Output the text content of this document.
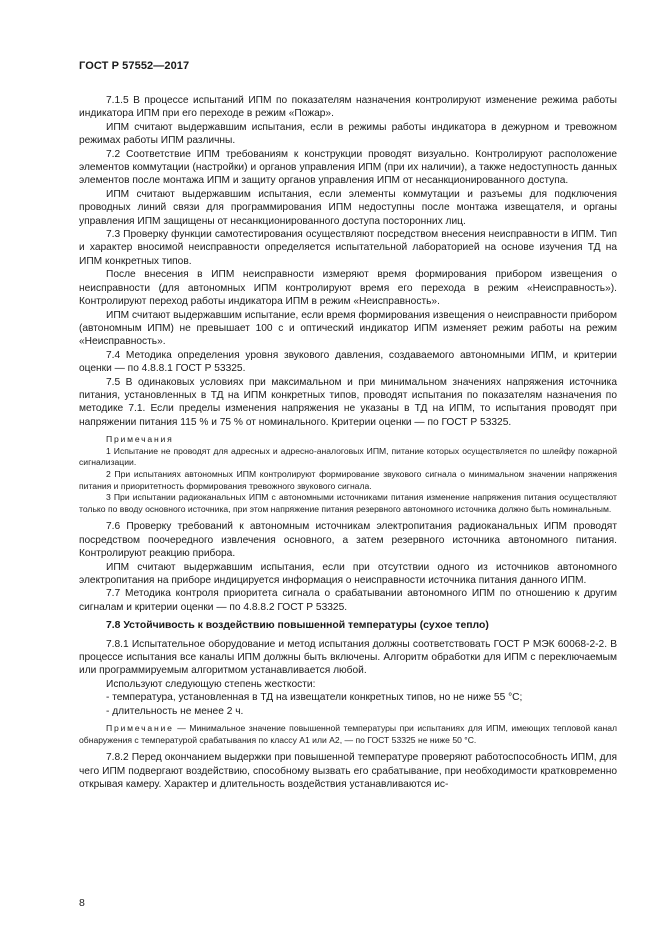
ГОСТ Р 57552—2017

7.1.5 В процессе испытаний ИПМ по показателям назначения контролируют изменение режима работы индикатора ИПМ при его переходе в режим «Пожар».

ИПМ считают выдержавшим испытания, если в режимы работы индикатора в дежурном и тревожном режимах работы ИПМ различны.

7.2 Соответствие ИПМ требованиям к конструкции проводят визуально. Контролируют расположение элементов коммутации (настройки) и органов управления ИПМ (при их наличии), а также недоступность данных элементов после монтажа ИПМ и защиту органов управления ИПМ от несанкционированного доступа.

ИПМ считают выдержавшим испытания, если элементы коммутации и разъемы для подключения проводных линий связи для программирования ИПМ недоступны после монтажа извещателя, и органы управления ИПМ защищены от несанкционированного доступа посторонних лиц.

7.3 Проверку функции самотестирования осуществляют посредством внесения неисправности в ИПМ. Тип и характер вносимой неисправности определяется испытательной лабораторией на основе изучения ТД на ИПМ конкретных типов.

После внесения в ИПМ неисправности измеряют время формирования прибором извещения о неисправности (для автономных ИПМ контролируют время его перехода в режим «Неисправность»). Контролируют переход работы индикатора ИПМ в режим «Неисправность».

ИПМ считают выдержавшим испытание, если время формирования извещения о неисправности прибором (автономным ИПМ) не превышает 100 с и оптический индикатор ИПМ изменяет режим работы на режим «Неисправность».

7.4 Методика определения уровня звукового давления, создаваемого автономными ИПМ, и критерии оценки — по 4.8.8.1 ГОСТ Р 53325.

7.5 В одинаковых условиях при максимальном и при минимальном значениях напряжения источника питания, установленных в ТД на ИПМ конкретных типов, проводят испытания по показателям назначения по методике 7.1. Если пределы изменения напряжения не указаны в ТД на ИПМ, то испытания проводят при напряжении питания 115 % и 75 % от номинального. Критерии оценки — по ГОСТ Р 53325.

Примечания

1 Испытание не проводят для адресных и адресно-аналоговых ИПМ, питание которых осуществляется по шлейфу пожарной сигнализации.

2 При испытаниях автономных ИПМ контролируют формирование звукового сигнала о минимальном значении напряжения питания и приоритетность формирования тревожного звукового сигнала.

3 При испытании радиоканальных ИПМ с автономными источниками питания изменение напряжения питания осуществляют только по вводу основного источника, при этом напряжение питания резервного автономного источника должно быть номинальным.

7.6 Проверку требований к автономным источникам электропитания радиоканальных ИПМ проводят посредством поочередного извлечения основного, а затем резервного источника автономного питания. Контролируют реакцию прибора.

ИПМ считают выдержавшим испытания, если при отсутствии одного из источников автономного электропитания на приборе индицируется информация о неисправности источника питания данного ИПМ.

7.7 Методика контроля приоритета сигнала о срабатывании автономного ИПМ по отношению к другим сигналам и критерии оценки — по 4.8.8.2 ГОСТ Р 53325.

7.8 Устойчивость к воздействию повышенной температуры (сухое тепло)

7.8.1 Испытательное оборудование и метод испытания должны соответствовать ГОСТ Р МЭК 60068-2-2. В процессе испытания все каналы ИПМ должны быть включены. Алгоритм обработки для ИПМ с переключаемым или программируемым алгоритмом устанавливается любой.

Используют следующую степень жесткости:

- температура, установленная в ТД на извещатели конкретных типов, но не ниже 55 °С;

- длительность не менее 2 ч.

Примечание — Минимальное значение повышенной температуры при испытаниях для ИПМ, имеющих тепловой канал обнаружения с температурой срабатывания по классу А1 или А2, — по ГОСТ 53325 не ниже 50 °С.

7.8.2 Перед окончанием выдержки при повышенной температуре проверяют работоспособность ИПМ, для чего ИПМ подвергают воздействию, способному вызвать его срабатывание, при необходимости кратковременно открывая камеру. Характер и длительность воздействия устанавливаются ис-

8
